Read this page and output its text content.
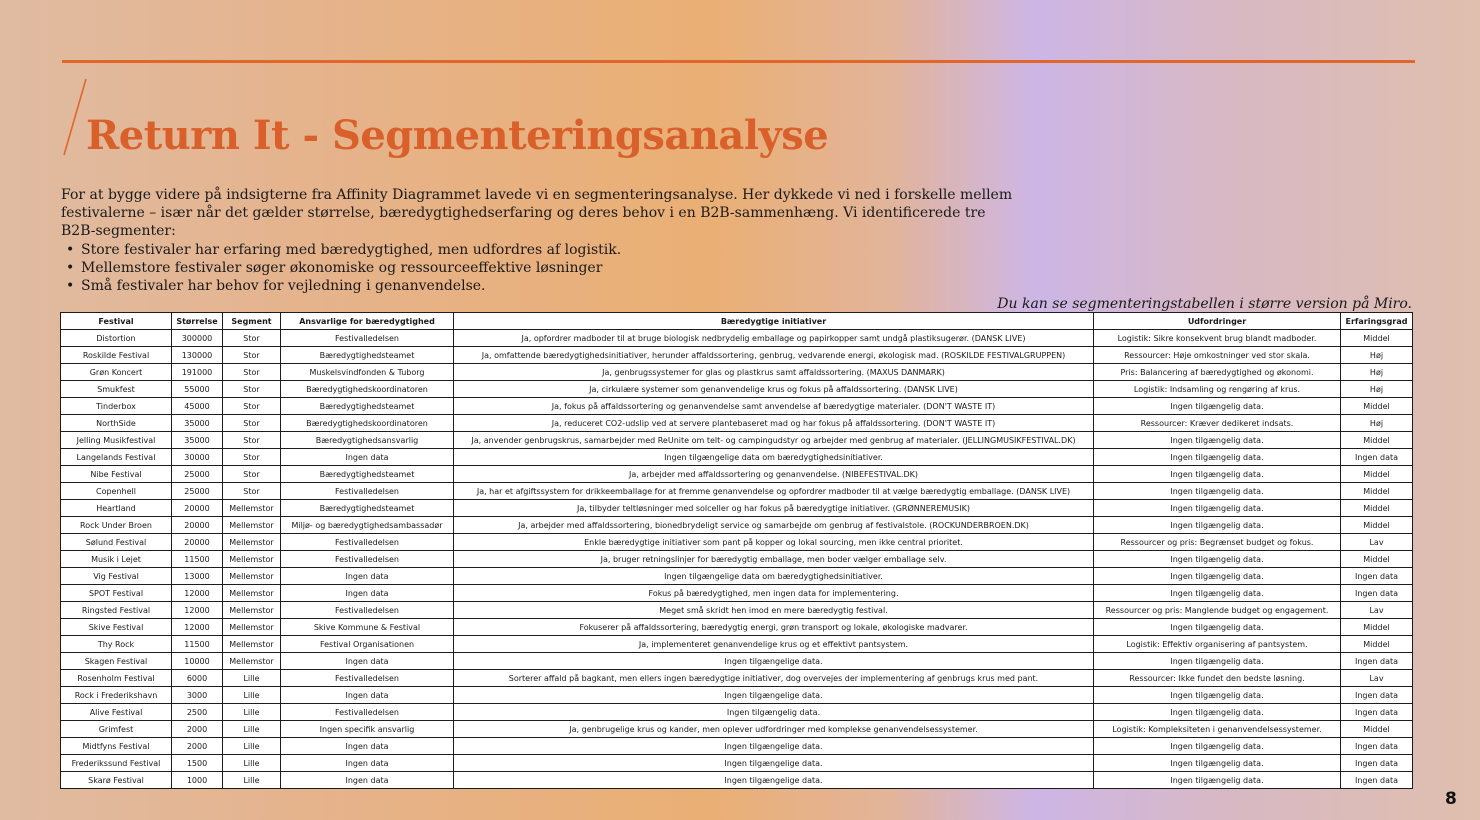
Return It - Segmenteringsanalyse

For at bygge videre på indsigterne fra Affinity Diagrammet lavede vi en segmenteringsanalyse. Her dykkede vi ned i forskelle mellem festivalerne – især når det gælder størrelse, bæredygtighedserfaring og deres behov i en B2B-sammenhæng. Vi identificerede tre B2B-segmenter:

• Store festivaler har erfaring med bæredygtighed, men udfordres af logistik.
• Mellemstore festivaler søger økonomiske og ressourceeffektive løsninger
• Små festivaler har behov for vejledning i genanvendelse.

Du kan se segmenteringstabellen i større version på Miro.

Festival	Størrelse	Segment	Ansvarlige for bæredygtighed	Bæredygtige initiativer	Udfordringer	Erfaringsgrad
Distortion	300000	Stor	Festivalledelsen	Ja, opfordrer madboder til at bruge biologisk nedbrydelig emballage og papirkopper samt undgå plastiksugerør. (DANSK LIVE)	Logistik: Sikre konsekvent brug blandt madboder.	Middel
Roskilde Festival	130000	Stor	Bæredygtighedsteamet	Ja, omfattende bæredygtighedsinitiativer, herunder affaldssortering, genbrug, vedvarende energi, økologisk mad. (ROSKILDE FESTIVALGRUPPEN)	Ressourcer: Høje omkostninger ved stor skala.	Høj
Grøn Koncert	191000	Stor	Muskelsvindfonden & Tuborg	Ja, genbrugssystemer for glas og plastkrus samt affaldssortering. (MAXUS DANMARK)	Pris: Balancering af bæredygtighed og økonomi.	Høj
Smukfest	55000	Stor	Bæredygtighedskoordinatoren	Ja, cirkulære systemer som genanvendelige krus og fokus på affaldssortering. (DANSK LIVE)	Logistik: Indsamling og rengøring af krus.	Høj
Tinderbox	45000	Stor	Bæredygtighedsteamet	Ja, fokus på affaldssortering og genanvendelse samt anvendelse af bæredygtige materialer. (DON'T WASTE IT)	Ingen tilgængelig data.	Middel
NorthSide	35000	Stor	Bæredygtighedskoordinatoren	Ja, reduceret CO2-udslip ved at servere plantebaseret mad og har fokus på affaldssortering. (DON'T WASTE IT)	Ressourcer: Kræver dedikeret indsats.	Høj
Jelling Musikfestival	35000	Stor	Bæredygtighedsansvarlig	Ja, anvender genbrugskrus, samarbejder med ReUnite om telt- og campingudstyr og arbejder med genbrug af materialer. (JELLINGMUSIKFESTIVAL.DK)	Ingen tilgængelig data.	Middel
Langelands Festival	30000	Stor	Ingen data	Ingen tilgængelige data om bæredygtighedsinitiativer.	Ingen tilgængelig data.	Ingen data
Nibe Festival	25000	Stor	Bæredygtighedsteamet	Ja, arbejder med affaldssortering og genanvendelse. (NIBEFESTIVAL.DK)	Ingen tilgængelig data.	Middel
Copenhell	25000	Stor	Festivalledelsen	Ja, har et afgiftssystem for drikkeemballage for at fremme genanvendelse og opfordrer madboder til at vælge bæredygtig emballage. (DANSK LIVE)	Ingen tilgængelig data.	Middel
Heartland	20000	Mellemstor	Bæredygtighedsteamet	Ja, tilbyder teltløsninger med solceller og har fokus på bæredygtige initiativer. (GRØNNEREMUSIK)	Ingen tilgængelig data.	Middel
Rock Under Broen	20000	Mellemstor	Miljø- og bæredygtighedsambassadør	Ja, arbejder med affaldssortering, bionedbrydeligt service og samarbejde om genbrug af festivalstole. (ROCKUNDERBROEN.DK)	Ingen tilgængelig data.	Middel
Sølund Festival	20000	Mellemstor	Festivalledelsen	Enkle bæredygtige initiativer som pant på kopper og lokal sourcing, men ikke central prioritet.	Ressourcer og pris: Begrænset budget og fokus.	Lav
Musik i Lejet	11500	Mellemstor	Festivalledelsen	Ja, bruger retningslinjer for bæredygtig emballage, men boder vælger emballage selv.	Ingen tilgængelig data.	Middel
Vig Festival	13000	Mellemstor	Ingen data	Ingen tilgængelige data om bæredygtighedsinitiativer.	Ingen tilgængelig data.	Ingen data
SPOT Festival	12000	Mellemstor	Ingen data	Fokus på bæredygtighed, men ingen data for implementering.	Ingen tilgængelig data.	Ingen data
Ringsted Festival	12000	Mellemstor	Festivalledelsen	Meget små skridt hen imod en mere bæredygtig festival.	Ressourcer og pris: Manglende budget og engagement.	Lav
Skive Festival	12000	Mellemstor	Skive Kommune & Festival	Fokuserer på affaldssortering, bæredygtig energi, grøn transport og lokale, økologiske madvarer.	Ingen tilgængelig data.	Middel
Thy Rock	11500	Mellemstor	Festival Organisationen	Ja, implementeret genanvendelige krus og et effektivt pantsystem.	Logistik: Effektiv organisering af pantsystem.	Middel
Skagen Festival	10000	Mellemstor	Ingen data	Ingen tilgængelige data.	Ingen tilgængelig data.	Ingen data
Rosenholm Festival	6000	Lille	Festivalledelsen	Sorterer affald på bagkant, men ellers ingen bæredygtige initiativer, dog overvejes der implementering af genbrugs krus med pant.	Ressourcer: Ikke fundet den bedste løsning.	Lav
Rock i Frederikshavn	3000	Lille	Ingen data	Ingen tilgængelige data.	Ingen tilgængelig data.	Ingen data
Alive Festival	2500	Lille	Festivalledelsen	Ingen tilgængelig data.	Ingen tilgængelig data.	Ingen data
Grimfest	2000	Lille	Ingen specifik ansvarlig	Ja, genbrugelige krus og kander, men oplever udfordringer med komplekse genanvendelsessystemer.	Logistik: Kompleksiteten i genanvendelsessystemer.	Middel
Midtfyns Festival	2000	Lille	Ingen data	Ingen tilgængelige data.	Ingen tilgængelig data.	Ingen data
Frederikssund Festival	1500	Lille	Ingen data	Ingen tilgængelige data.	Ingen tilgængelig data.	Ingen data
Skarø Festival	1000	Lille	Ingen data	Ingen tilgængelige data.	Ingen tilgængelig data.	Ingen data
8
